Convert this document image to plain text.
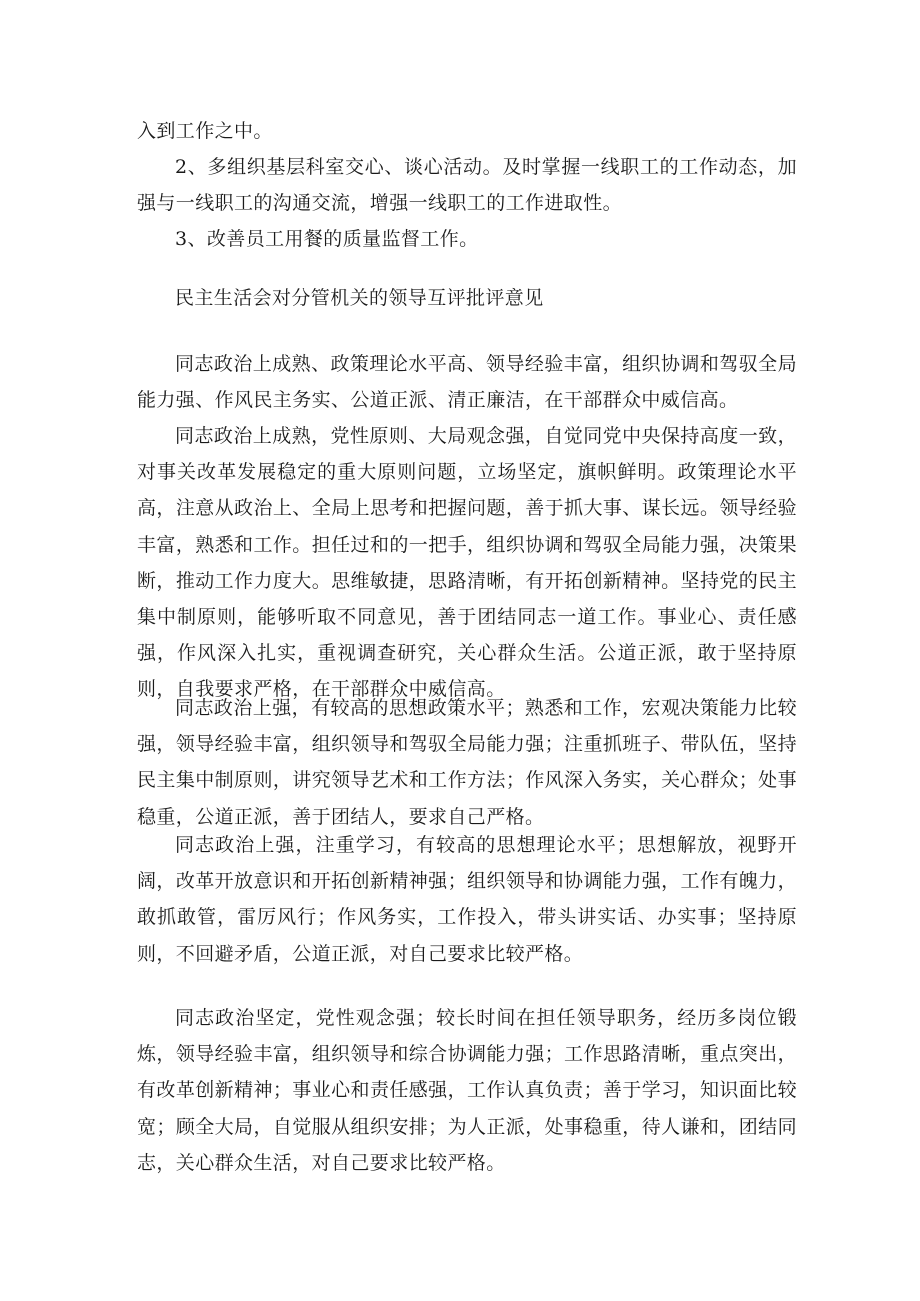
入到工作之中。

2、多组织基层科室交心、谈心活动。及时掌握一线职工的工作动态，加强与一线职工的沟通交流，增强一线职工的工作进取性。

3、改善员工用餐的质量监督工作。

民主生活会对分管机关的领导互评批评意见

同志政治上成熟、政策理论水平高、领导经验丰富，组织协调和驾驭全局能力强、作风民主务实、公道正派、清正廉洁，在干部群众中威信高。

同志政治上成熟，党性原则、大局观念强，自觉同党中央保持高度一致，对事关改革发展稳定的重大原则问题，立场坚定，旗帜鲜明。政策理论水平高，注意从政治上、全局上思考和把握问题，善于抓大事、谋长远。领导经验丰富，熟悉和工作。担任过和的一把手，组织协调和驾驭全局能力强，决策果断，推动工作力度大。思维敏捷，思路清晰，有开拓创新精神。坚持党的民主集中制原则，能够听取不同意见，善于团结同志一道工作。事业心、责任感强，作风深入扎实，重视调查研究，关心群众生活。公道正派，敢于坚持原则，自我要求严格，在干部群众中威信高。

同志政治上强，有较高的思想政策水平；熟悉和工作，宏观决策能力比较强，领导经验丰富，组织领导和驾驭全局能力强；注重抓班子、带队伍，坚持民主集中制原则，讲究领导艺术和工作方法；作风深入务实，关心群众；处事稳重，公道正派，善于团结人，要求自己严格。

同志政治上强，注重学习，有较高的思想理论水平；思想解放，视野开阔，改革开放意识和开拓创新精神强；组织领导和协调能力强，工作有魄力，敢抓敢管，雷厉风行；作风务实，工作投入，带头讲实话、办实事；坚持原则，不回避矛盾，公道正派，对自己要求比较严格。

同志政治坚定，党性观念强；较长时间在担任领导职务，经历多岗位锻炼，领导经验丰富，组织领导和综合协调能力强；工作思路清晰，重点突出，有改革创新精神；事业心和责任感强，工作认真负责；善于学习，知识面比较宽；顾全大局，自觉服从组织安排；为人正派，处事稳重，待人谦和，团结同志，关心群众生活，对自己要求比较严格。
